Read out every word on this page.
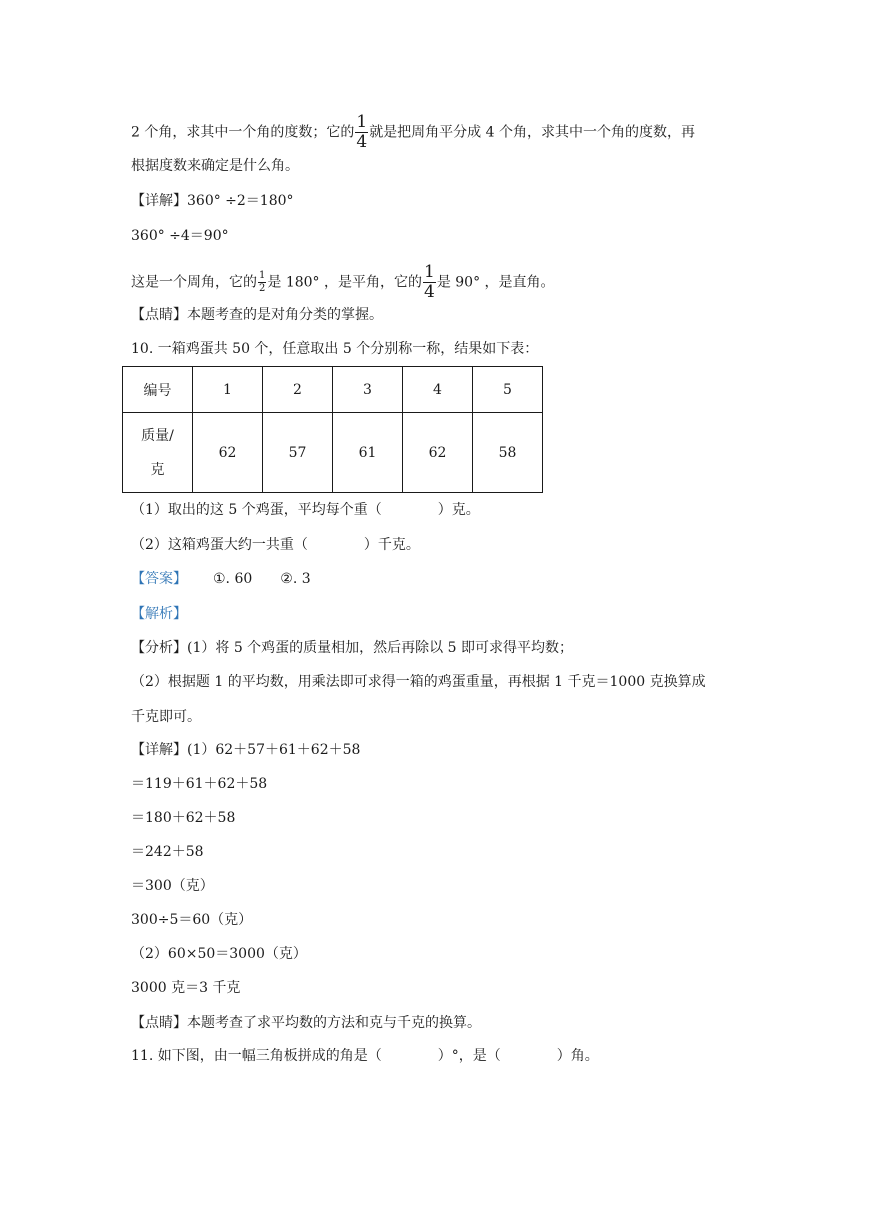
2 个角，求其中一个角的度数；它的 $\frac{1}{4}$ 就是把周角平分成 4 个角，求其中一个角的度数，再
根据度数来确定是什么角。
【详解】360° ÷2＝180°
360° ÷4＝90°
这是一个周角，它的 $\frac{1}{2}$ 是 180° ，是平角，它的 $\frac{1}{4}$ 是 90° ，是直角。
【点睛】本题考查的是对角分类的掌握。
10. 一箱鸡蛋共 50 个，任意取出 5 个分别称一称，结果如下表：
编号	1	2	3	4	5

质量/
克	62	57	61	62	58
（1）取出的这 5 个鸡蛋，平均每个重（　　　　）克。
（2）这箱鸡蛋大约一共重（　　　　）千克。
【答案】 ①. 60　　②. 3
【解析】
【分析】(1）将 5 个鸡蛋的质量相加，然后再除以 5 即可求得平均数；
（2）根据题 1 的平均数，用乘法即可求得一箱的鸡蛋重量，再根据 1 千克＝1000 克换算成
千克即可。
【详解】(1）62＋57＋61＋62＋58
＝119＋61＋62＋58
＝180＋62＋58
＝242＋58
＝300（克）
300÷5＝60（克）
（2）60×50＝3000（克）
3000 克＝3 千克
【点睛】本题考查了求平均数的方法和克与千克的换算。
11. 如下图，由一幅三角板拼成的角是（　　　　）°，是（　　　　）角。
